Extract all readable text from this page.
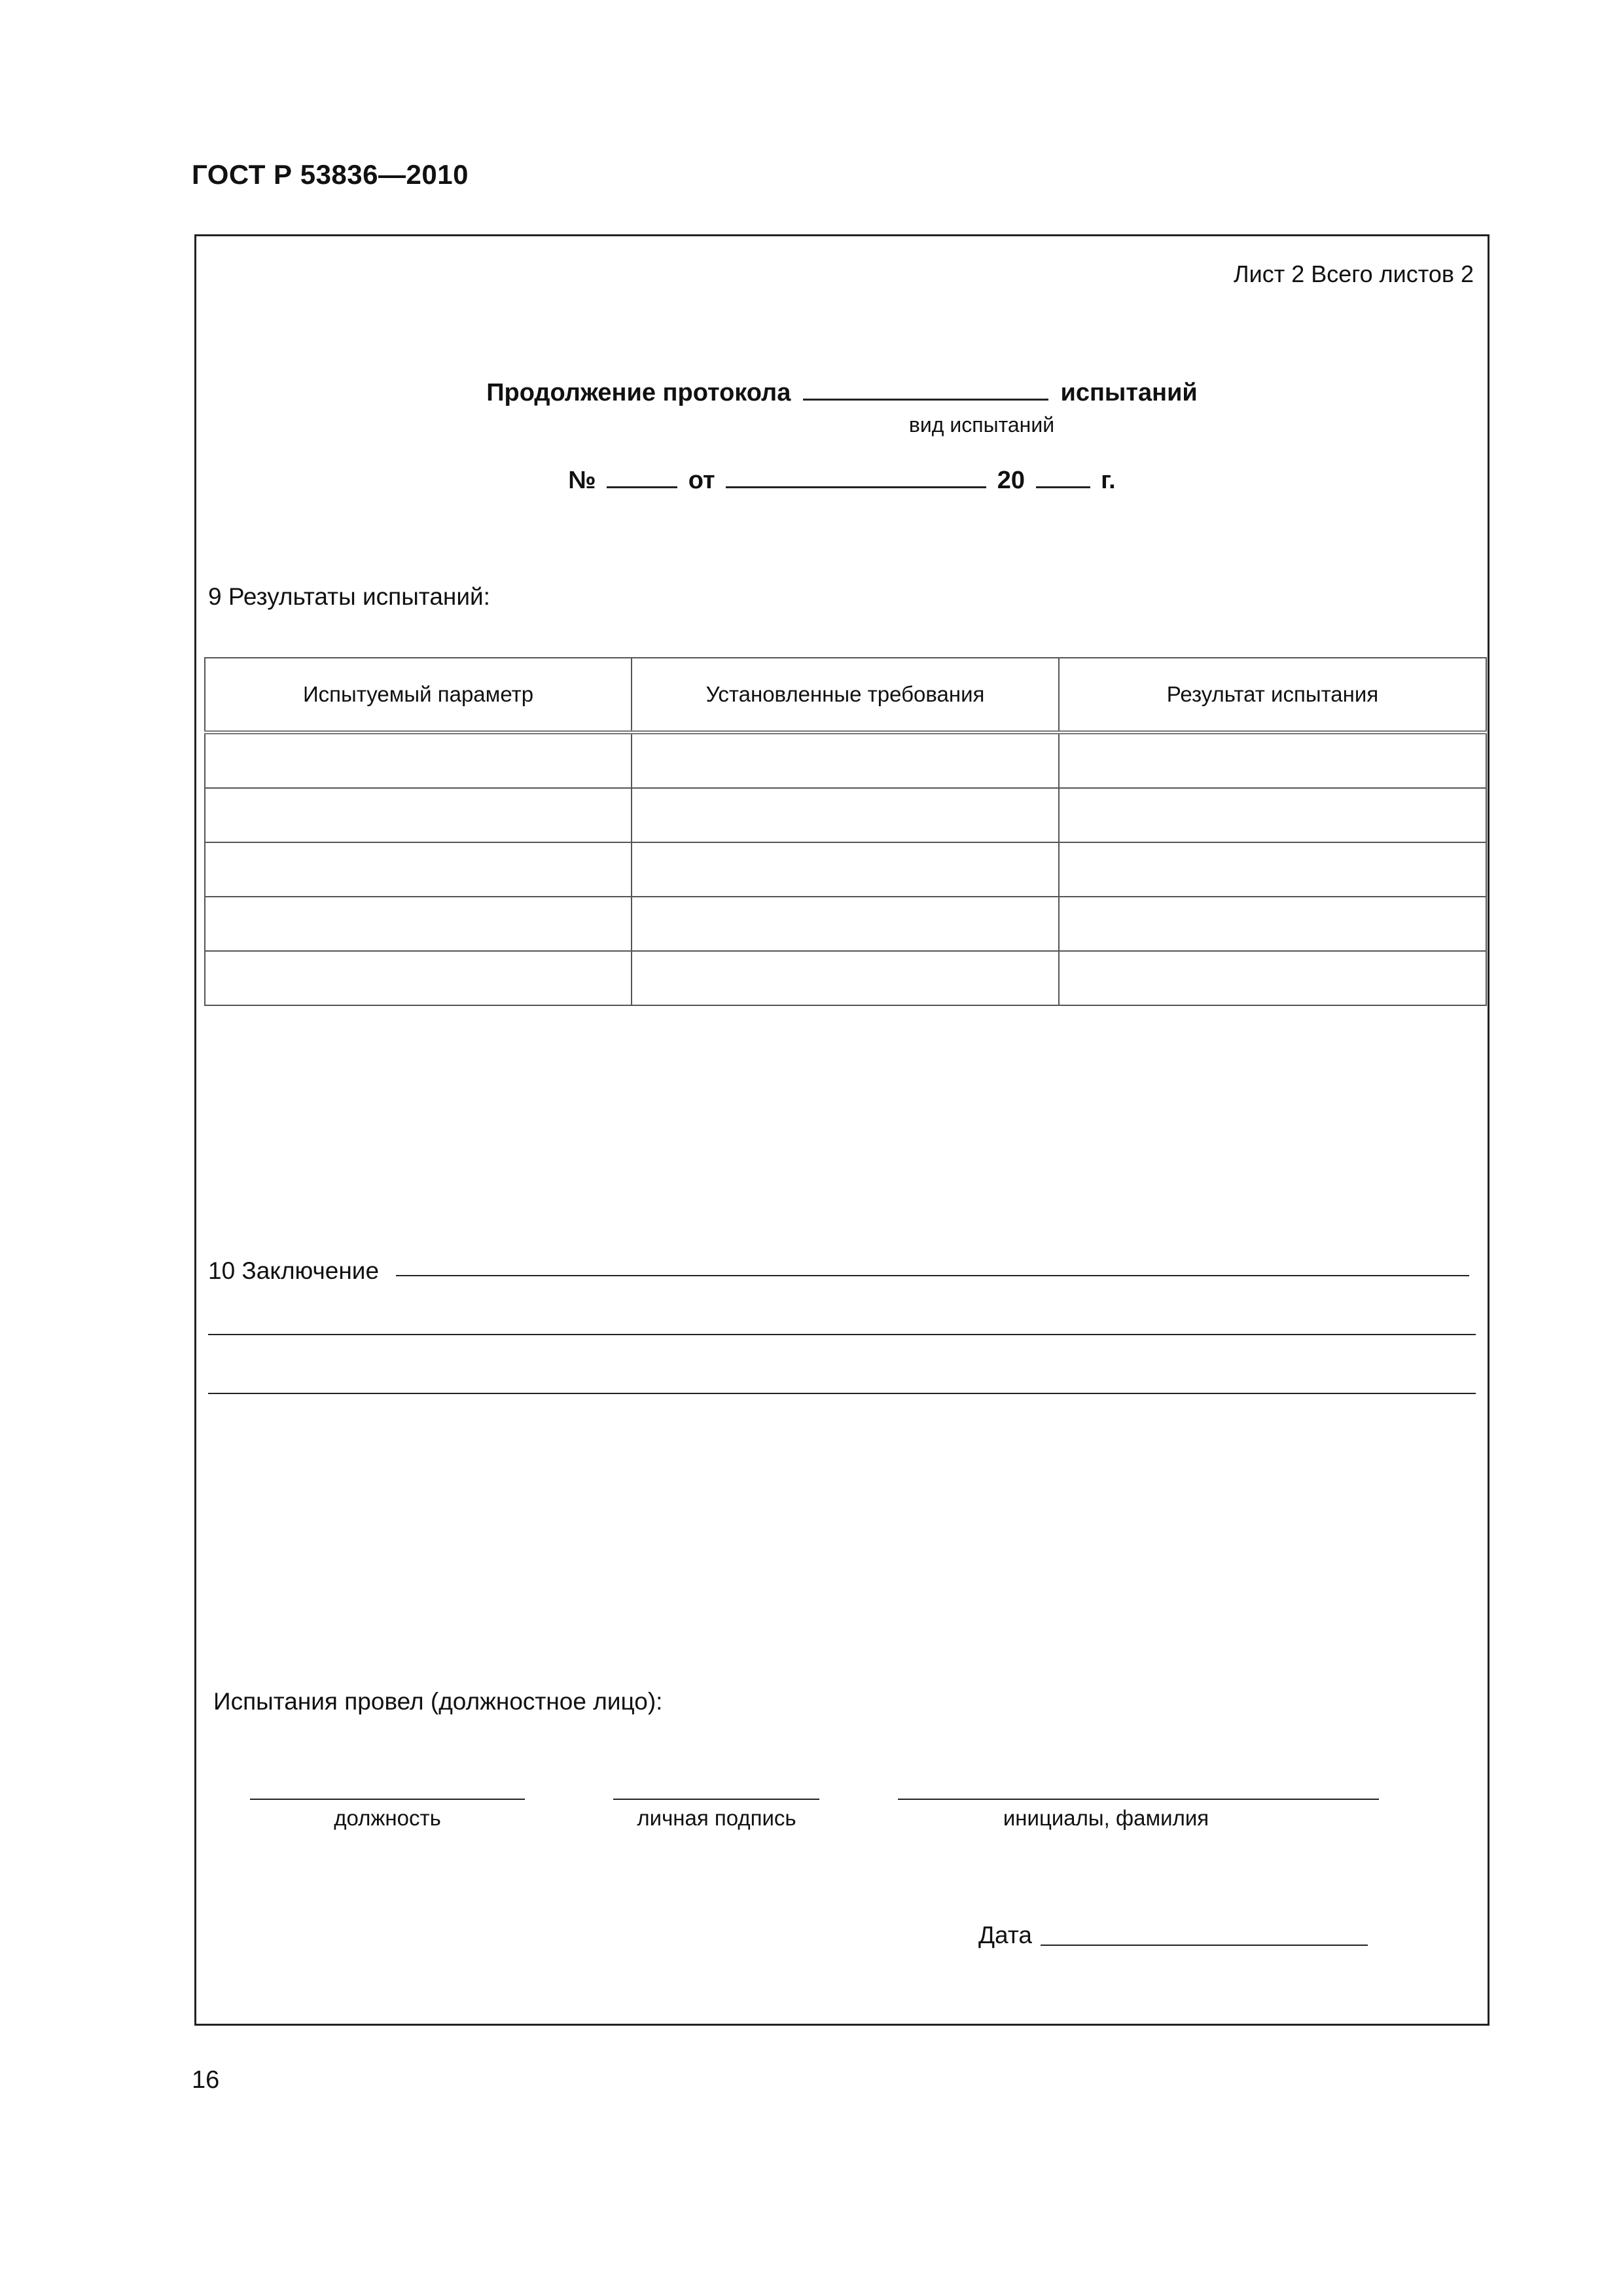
ГОСТ Р 53836—2010
Лист 2 Всего листов 2
Продолжение протокола	испытаний
вид испытаний
№	от	20	г.
9 Результаты испытаний:
Испытуемый параметр	Установленные требования	Результат испытания

10 Заключение
Испытания провел (должностное лицо):
должность	личная подпись	инициалы, фамилия
Дата
16
